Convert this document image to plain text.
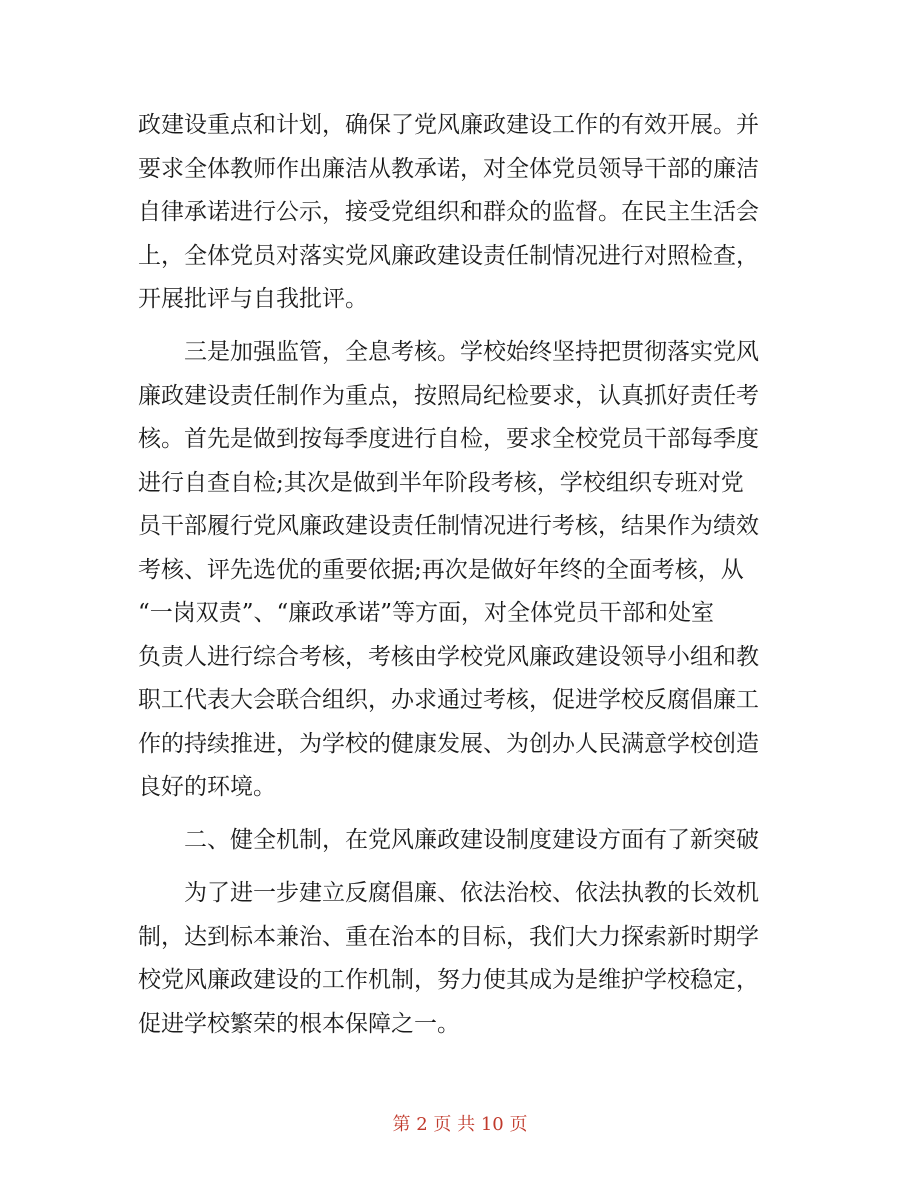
政建设重点和计划，确保了党风廉政建设工作的有效开展。并
要求全体教师作出廉洁从教承诺，对全体党员领导干部的廉洁
自律承诺进行公示，接受党组织和群众的监督。在民主生活会
上，全体党员对落实党风廉政建设责任制情况进行对照检查，
开展批评与自我批评。
　　三是加强监管，全息考核。学校始终坚持把贯彻落实党风
廉政建设责任制作为重点，按照局纪检要求，认真抓好责任考
核。首先是做到按每季度进行自检，要求全校党员干部每季度
进行自查自检;其次是做到半年阶段考核，学校组织专班对党
员干部履行党风廉政建设责任制情况进行考核，结果作为绩效
考核、评先选优的重要依据;再次是做好年终的全面考核，从
“一岗双责”、“廉政承诺”等方面，对全体党员干部和处室
负责人进行综合考核，考核由学校党风廉政建设领导小组和教
职工代表大会联合组织，办求通过考核，促进学校反腐倡廉工
作的持续推进，为学校的健康发展、为创办人民满意学校创造
良好的环境。
　　二、健全机制，在党风廉政建设制度建设方面有了新突破
　　为了进一步建立反腐倡廉、依法治校、依法执教的长效机
制，达到标本兼治、重在治本的目标，我们大力探索新时期学
校党风廉政建设的工作机制，努力使其成为是维护学校稳定，
促进学校繁荣的根本保障之一。
第 2 页 共 10 页
